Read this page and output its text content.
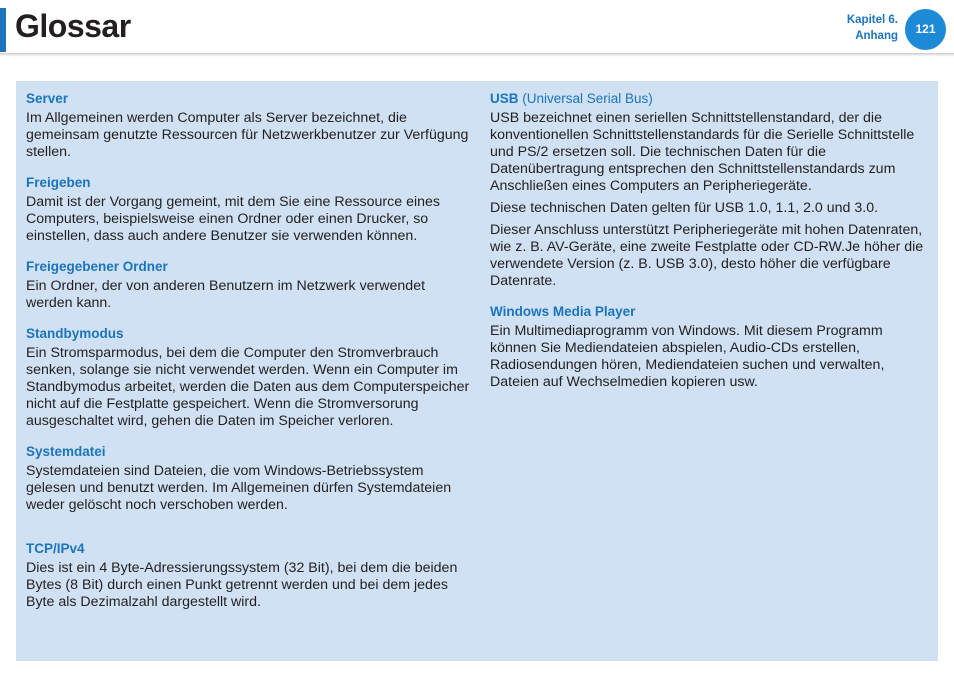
Glossar	Kapitel 6.
Anhang	121
Server

Im Allgemeinen werden Computer als Server bezeichnet, die gemeinsam genutzte Ressourcen für Netzwerkbenutzer zur Verfügung stellen.

Freigeben

Damit ist der Vorgang gemeint, mit dem Sie eine Ressource eines Computers, beispielsweise einen Ordner oder einen Drucker, so einstellen, dass auch andere Benutzer sie verwenden können.

Freigegebener Ordner

Ein Ordner, der von anderen Benutzern im Netzwerk verwendet werden kann.

Standbymodus

Ein Stromsparmodus, bei dem die Computer den Stromverbrauch senken, solange sie nicht verwendet werden. Wenn ein Computer im Standbymodus arbeitet, werden die Daten aus dem Computerspeicher nicht auf die Festplatte gespeichert. Wenn die Stromversorung ausgeschaltet wird, gehen die Daten im Speicher verloren.

Systemdatei

Systemdateien sind Dateien, die vom Windows-Betriebssystem gelesen und benutzt werden. Im Allgemeinen dürfen Systemdateien weder gelöscht noch verschoben werden.

TCP/IPv4

Dies ist ein 4 Byte-Adressierungssystem (32 Bit), bei dem die beiden Bytes (8 Bit) durch einen Punkt getrennt werden und bei dem jedes Byte als Dezimalzahl dargestellt wird.

USB (Universal Serial Bus)

USB bezeichnet einen seriellen Schnittstellenstandard, der die konventionellen Schnittstellenstandards für die Serielle Schnittstelle und PS/2 ersetzen soll. Die technischen Daten für die Datenübertragung entsprechen den Schnittstellenstandards zum Anschließen eines Computers an Peripheriegeräte.

Diese technischen Daten gelten für USB 1.0, 1.1, 2.0 und 3.0.

Dieser Anschluss unterstützt Peripheriegeräte mit hohen Datenraten, wie z. B. AV-Geräte, eine zweite Festplatte oder CD-RW.Je höher die verwendete Version (z. B. USB 3.0), desto höher die verfügbare Datenrate.

Windows Media Player

Ein Multimediaprogramm von Windows. Mit diesem Programm können Sie Mediendateien abspielen, Audio-CDs erstellen, Radiosendungen hören, Mediendateien suchen und verwalten, Dateien auf Wechselmedien kopieren usw.
